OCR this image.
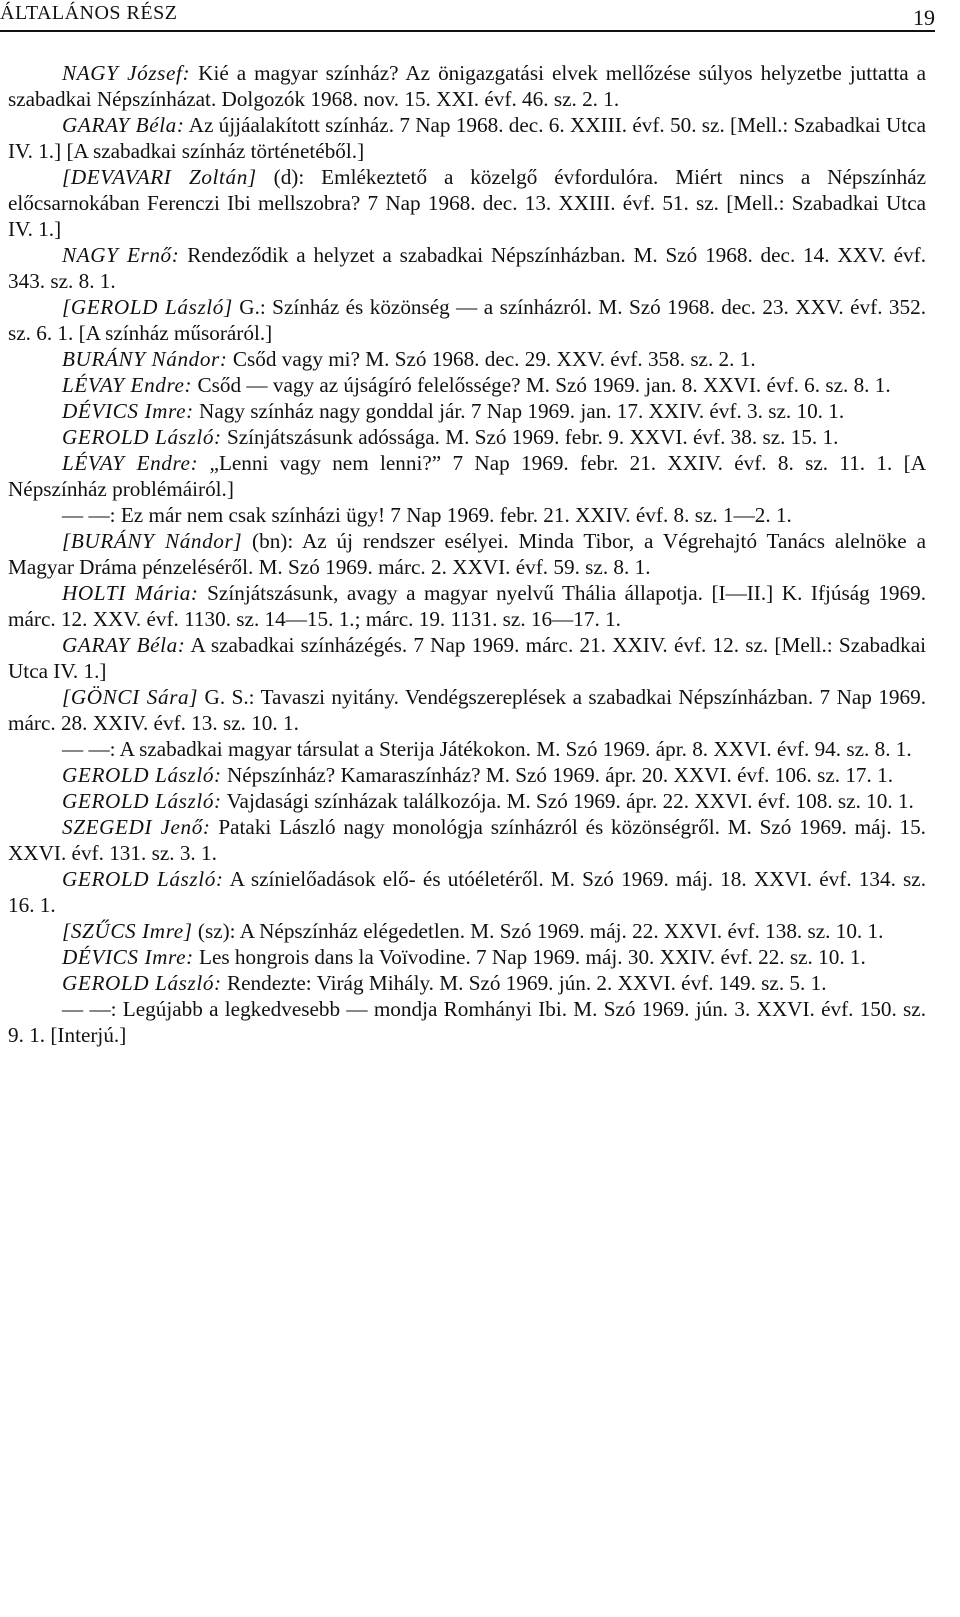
ÁLTALÁNOS RÉSZ	19

NAGY József: Kié a magyar színház? Az önigazgatási elvek mellőzése súlyos helyzetbe juttatta a szabadkai Népszínházat. Dolgozók 1968. nov. 15. XXI. évf. 46. sz. 2. 1.

GARAY Béla: Az újjáalakított színház. 7 Nap 1968. dec. 6. XXIII. évf. 50. sz. [Mell.: Szabadkai Utca IV. 1.] [A szabadkai színház történetéből.]

[DEVAVARI Zoltán] (d): Emlékeztető a közelgő évfordulóra. Miért nincs a Népszínház előcsarnokában Ferenczi Ibi mellszobra? 7 Nap 1968. dec. 13. XXIII. évf. 51. sz. [Mell.: Szabadkai Utca IV. 1.]

NAGY Ernő: Rendeződik a helyzet a szabadkai Népszínházban. M. Szó 1968. dec. 14. XXV. évf. 343. sz. 8. 1.

[GEROLD László] G.: Színház és közönség — a színházról. M. Szó 1968. dec. 23. XXV. évf. 352. sz. 6. 1. [A színház műsoráról.]

BURÁNY Nándor: Csőd vagy mi? M. Szó 1968. dec. 29. XXV. évf. 358. sz. 2. 1.

LÉVAY Endre: Csőd — vagy az újságíró felelőssége? M. Szó 1969. jan. 8. XXVI. évf. 6. sz. 8. 1.

DÉVICS Imre: Nagy színház nagy gonddal jár. 7 Nap 1969. jan. 17. XXIV. évf. 3. sz. 10. 1.

GEROLD László: Színjátszásunk adóssága. M. Szó 1969. febr. 9. XXVI. évf. 38. sz. 15. 1.

LÉVAY Endre: „Lenni vagy nem lenni?” 7 Nap 1969. febr. 21. XXIV. évf. 8. sz. 11. 1. [A Népszínház problémáiról.]

— —: Ez már nem csak színházi ügy! 7 Nap 1969. febr. 21. XXIV. évf. 8. sz. 1—2. 1.

[BURÁNY Nándor] (bn): Az új rendszer esélyei. Minda Tibor, a Végrehajtó Tanács alelnöke a Magyar Dráma pénzeléséről. M. Szó 1969. márc. 2. XXVI. évf. 59. sz. 8. 1.

HOLTI Mária: Színjátszásunk, avagy a magyar nyelvű Thália állapotja. [I—II.] K. Ifjúság 1969. márc. 12. XXV. évf. 1130. sz. 14—15. 1.; márc. 19. 1131. sz. 16—17. 1.

GARAY Béla: A szabadkai színházégés. 7 Nap 1969. márc. 21. XXIV. évf. 12. sz. [Mell.: Szabadkai Utca IV. 1.]

[GÖNCI Sára] G. S.: Tavaszi nyitány. Vendégszereplések a szabadkai Népszínházban. 7 Nap 1969. márc. 28. XXIV. évf. 13. sz. 10. 1.

— —: A szabadkai magyar társulat a Sterija Játékokon. M. Szó 1969. ápr. 8. XXVI. évf. 94. sz. 8. 1.

GEROLD László: Népszínház? Kamaraszínház? M. Szó 1969. ápr. 20. XXVI. évf. 106. sz. 17. 1.

GEROLD László: Vajdasági színházak találkozója. M. Szó 1969. ápr. 22. XXVI. évf. 108. sz. 10. 1.

SZEGEDI Jenő: Pataki László nagy monológja színházról és közönségről. M. Szó 1969. máj. 15. XXVI. évf. 131. sz. 3. 1.

GEROLD László: A színielőadások elő- és utóéletéről. M. Szó 1969. máj. 18. XXVI. évf. 134. sz. 16. 1.

[SZŰCS Imre] (sz): A Népszínház elégedetlen. M. Szó 1969. máj. 22. XXVI. évf. 138. sz. 10. 1.

DÉVICS Imre: Les hongrois dans la Voïvodine. 7 Nap 1969. máj. 30. XXIV. évf. 22. sz. 10. 1.

GEROLD László: Rendezte: Virág Mihály. M. Szó 1969. jún. 2. XXVI. évf. 149. sz. 5. 1.

— —: Legújabb a legkedvesebb — mondja Romhányi Ibi. M. Szó 1969. jún. 3. XXVI. évf. 150. sz. 9. 1. [Interjú.]
